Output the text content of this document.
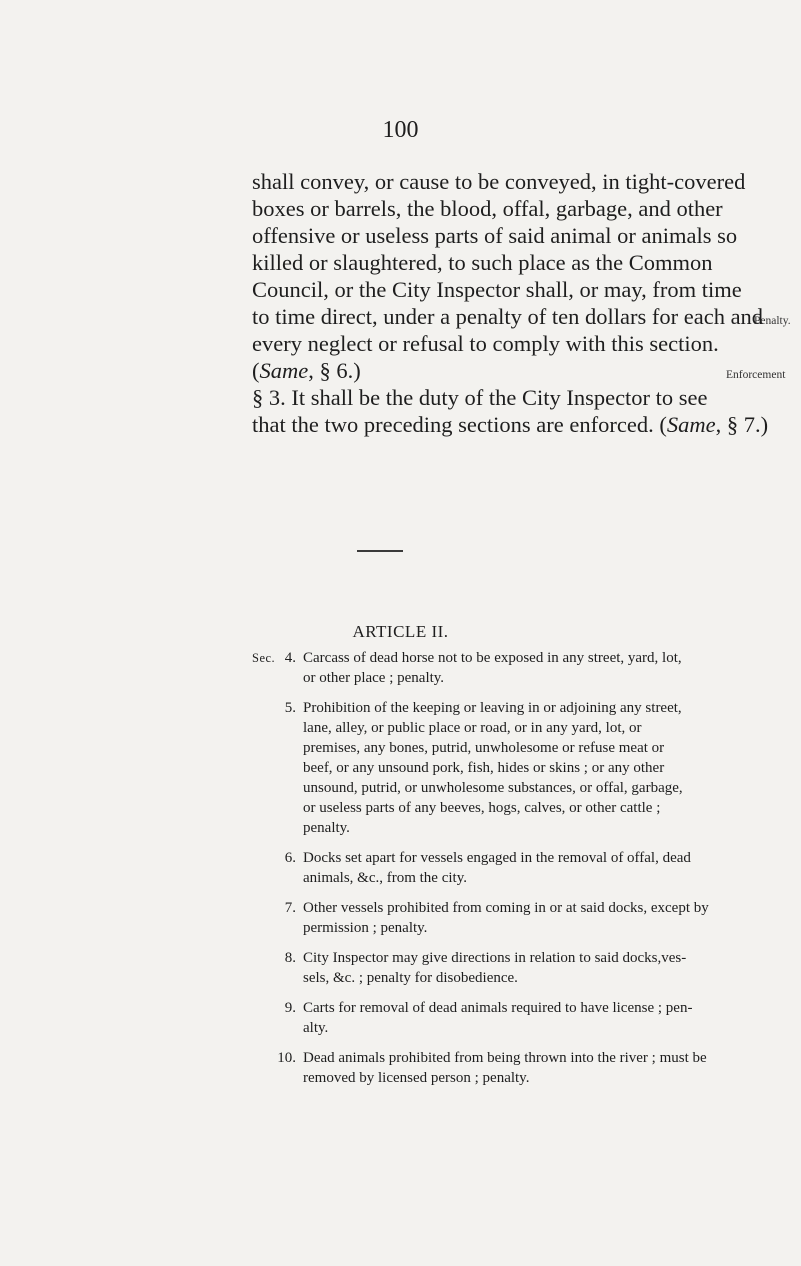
100
shall convey, or cause to be conveyed, in tight-covered
boxes or barrels, the blood, offal, garbage, and other
offensive or useless parts of said animal or animals so
killed or slaughtered, to such place as the Common
Council, or the City Inspector shall, or may, from time
to time direct, under a penalty of ten dollars for each and
every neglect or refusal to comply with this section.
(Same, § 6.)
§ 3. It shall be the duty of the City Inspector to see
that the two preceding sections are enforced. (Same, § 7.)
Penalty.
Enforcement
ARTICLE II.
Sec. 4. Carcass of dead horse not to be exposed in any street, yard, lot,
or other place ; penalty.
5. Prohibition of the keeping or leaving in or adjoining any street,
lane, alley, or public place or road, or in any yard, lot, or
premises, any bones, putrid, unwholesome or refuse meat or
beef, or any unsound pork, fish, hides or skins ; or any other
unsound, putrid, or unwholesome substances, or offal, garbage,
or useless parts of any beeves, hogs, calves, or other cattle ;
penalty.
6. Docks set apart for vessels engaged in the removal of offal, dead
animals, &c., from the city.
7. Other vessels prohibited from coming in or at said docks, except by
permission ; penalty.
8. City Inspector may give directions in relation to said docks,ves-
sels, &c. ; penalty for disobedience.
9. Carts for removal of dead animals required to have license ; pen-
alty.
10. Dead animals prohibited from being thrown into the river ; must be
removed by licensed person ; penalty.
